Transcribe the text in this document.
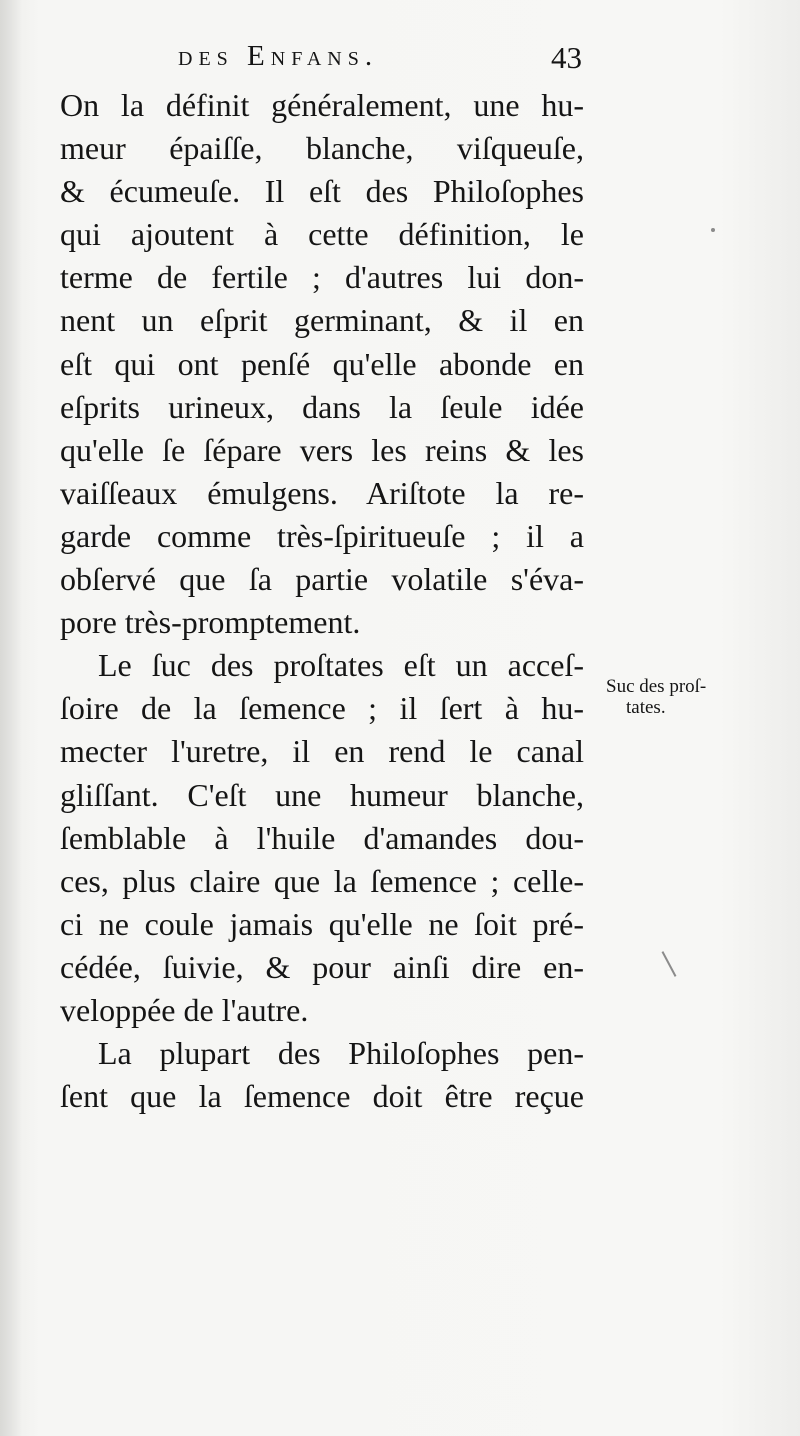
des Enfans.	43
On la définit généralement, une hu-
meur épaiſſe, blanche, viſqueuſe,
& écumeuſe. Il eſt des Philoſophes
qui ajoutent à cette définition, le
terme de fertile ; d'autres lui don-
nent un eſprit germinant, & il en
eſt qui ont penſé qu'elle abonde en
eſprits urineux, dans la ſeule idée
qu'elle ſe ſépare vers les reins & les
vaiſſeaux émulgens. Ariſtote la re-
garde comme très-ſpiritueuſe ; il a
obſervé que ſa partie volatile s'éva-
pore très-promptement.
Le ſuc des proſtates eſt un acceſ-
ſoire de la ſemence ; il ſert à hu-
mecter l'uretre, il en rend le canal
gliſſant. C'eſt une humeur blanche,
ſemblable à l'huile d'amandes dou-
ces, plus claire que la ſemence ; celle-
ci ne coule jamais qu'elle ne ſoit pré-
cédée, ſuivie, & pour ainſi dire en-
veloppée de l'autre.
La plupart des Philoſophes pen-
ſent que la ſemence doit être reçue
Suc des proſ-
tates.
